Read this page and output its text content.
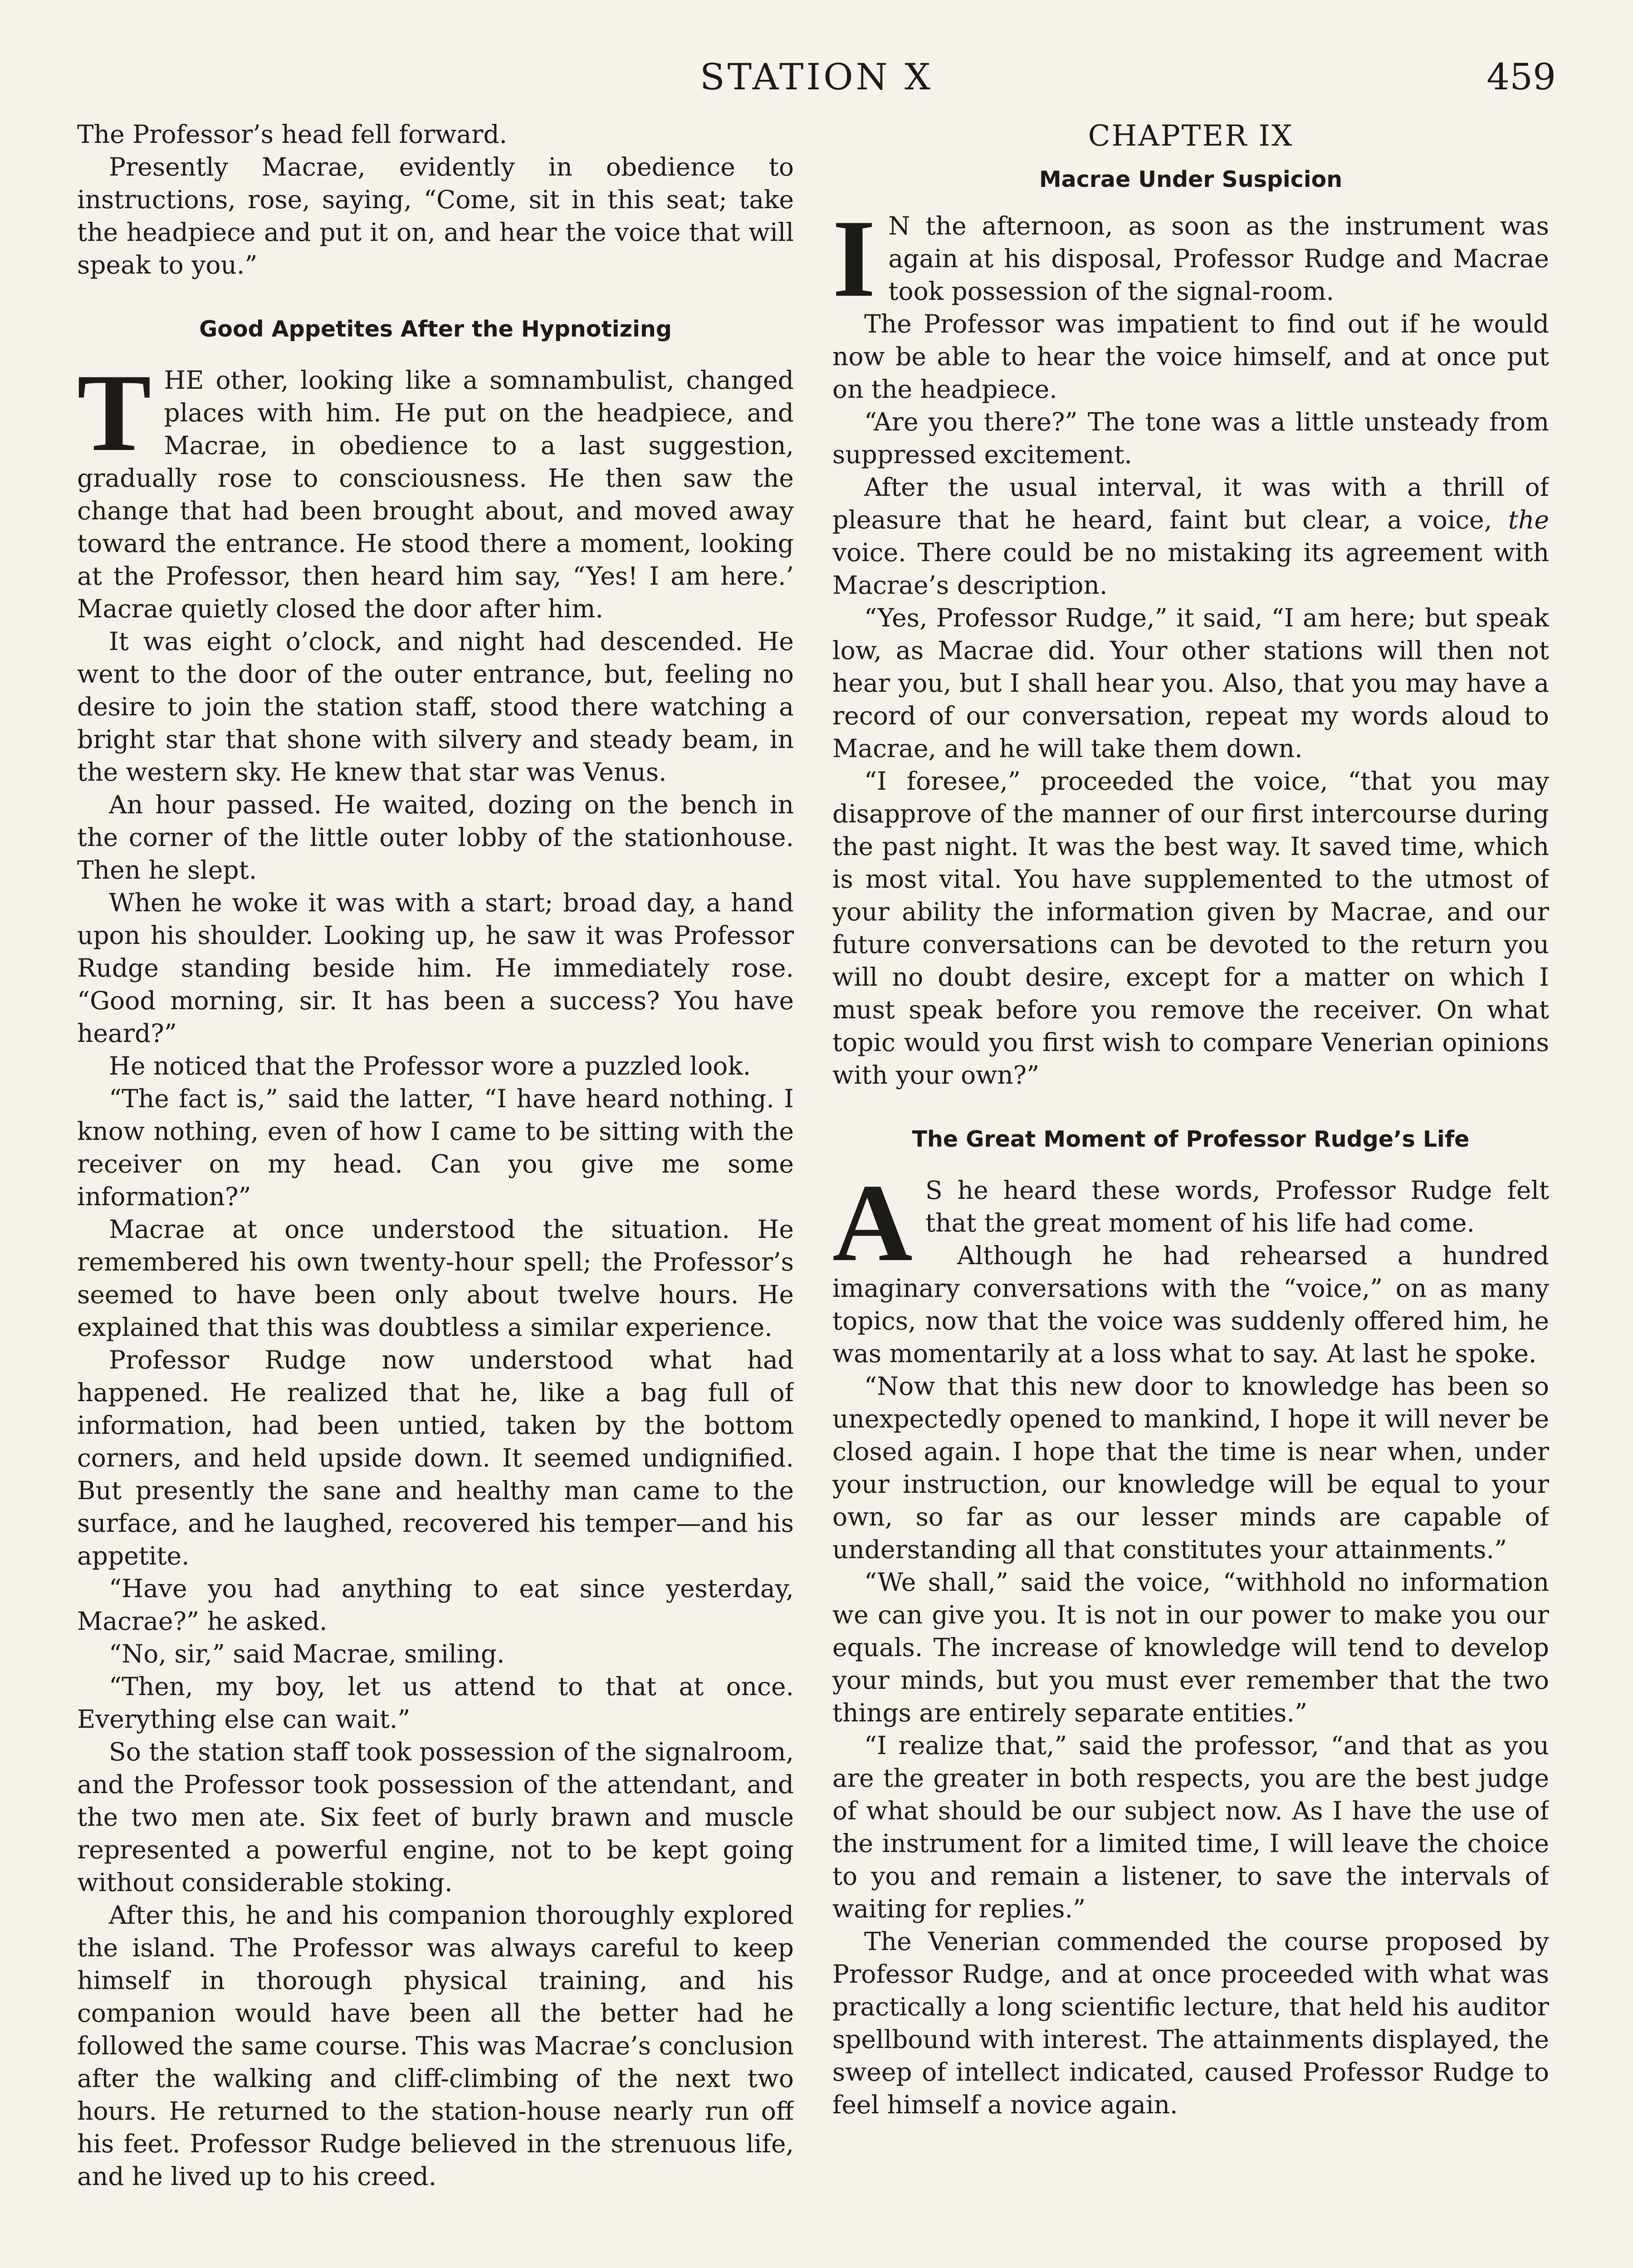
STATION X	459

The Professor’s head fell forward.

Presently Macrae, evidently in obedience to instructions, rose, saying, “Come, sit in this seat; take the headpiece and put it on, and hear the voice that will speak to you.”

Good Appetites After the Hypnotizing

THE other, looking like a somnambulist, changed places with him. He put on the headpiece, and Macrae, in obedience to a last suggestion, gradually rose to consciousness. He then saw the change that had been brought about, and moved away toward the entrance. He stood there a moment, looking at the Professor, then heard him say, “Yes! I am here.’ Macrae quietly closed the door after him.

It was eight o’clock, and night had descended. He went to the door of the outer entrance, but, feeling no desire to join the station staff, stood there watching a bright star that shone with silvery and steady beam, in the western sky. He knew that star was Venus.

An hour passed. He waited, dozing on the bench in the corner of the little outer lobby of the stationhouse. Then he slept.

When he woke it was with a start; broad day, a hand upon his shoulder. Looking up, he saw it was Professor Rudge standing beside him. He immediately rose. “Good morning, sir. It has been a success? You have heard?”

He noticed that the Professor wore a puzzled look.

“The fact is,” said the latter, “I have heard nothing. I know nothing, even of how I came to be sitting with the receiver on my head. Can you give me some information?”

Macrae at once understood the situation. He remembered his own twenty-hour spell; the Professor’s seemed to have been only about twelve hours. He explained that this was doubtless a similar experience.

Professor Rudge now understood what had happened. He realized that he, like a bag full of information, had been untied, taken by the bottom corners, and held upside down. It seemed undignified. But presently the sane and healthy man came to the surface, and he laughed, recovered his temper—and his appetite.

“Have you had anything to eat since yesterday, Macrae?” he asked.

“No, sir,” said Macrae, smiling.

“Then, my boy, let us attend to that at once. Everything else can wait.”

So the station staff took possession of the signalroom, and the Professor took possession of the attendant, and the two men ate. Six feet of burly brawn and muscle represented a powerful engine, not to be kept going without considerable stoking.

After this, he and his companion thoroughly explored the island. The Professor was always careful to keep himself in thorough physical training, and his companion would have been all the better had he followed the same course. This was Macrae’s conclusion after the walking and cliff-climbing of the next two hours. He returned to the station-house nearly run off his feet. Professor Rudge believed in the strenuous life, and he lived up to his creed.

CHAPTER IX
Macrae Under Suspicion

I N the afternoon, as soon as the instrument was again at his disposal, Professor Rudge and Macrae took possession of the signal-room.

The Professor was impatient to find out if he would now be able to hear the voice himself, and at once put on the headpiece.

“Are you there?” The tone was a little unsteady from suppressed excitement.

After the usual interval, it was with a thrill of pleasure that he heard, faint but clear, a voice, the voice. There could be no mistaking its agreement with Macrae’s description.

“Yes, Professor Rudge,” it said, “I am here; but speak low, as Macrae did. Your other stations will then not hear you, but I shall hear you. Also, that you may have a record of our conversation, repeat my words aloud to Macrae, and he will take them down.

“I foresee,” proceeded the voice, “that you may disapprove of the manner of our first intercourse during the past night. It was the best way. It saved time, which is most vital. You have supplemented to the utmost of your ability the information given by Macrae, and our future conversations can be devoted to the return you will no doubt desire, except for a matter on which I must speak before you remove the receiver. On what topic would you first wish to compare Venerian opinions with your own?”

The Great Moment of Professor Rudge’s Life

A S he heard these words, Professor Rudge felt that the great moment of his life had come.

Although he had rehearsed a hundred imaginary conversations with the “voice,” on as many topics, now that the voice was suddenly offered him, he was momentarily at a loss what to say. At last he spoke.

“Now that this new door to knowledge has been so unexpectedly opened to mankind, I hope it will never be closed again. I hope that the time is near when, under your instruction, our knowledge will be equal to your own, so far as our lesser minds are capable of understanding all that constitutes your attainments.”

“We shall,” said the voice, “withhold no information we can give you. It is not in our power to make you our equals. The increase of knowledge will tend to develop your minds, but you must ever remember that the two things are entirely separate entities.”

“I realize that,” said the professor, “and that as you are the greater in both respects, you are the best judge of what should be our subject now. As I have the use of the instrument for a limited time, I will leave the choice to you and remain a listener, to save the intervals of waiting for replies.”

The Venerian commended the course proposed by Professor Rudge, and at once proceeded with what was practically a long scientific lecture, that held his auditor spellbound with interest. The attainments displayed, the sweep of intellect indicated, caused Professor Rudge to feel himself a novice again.
